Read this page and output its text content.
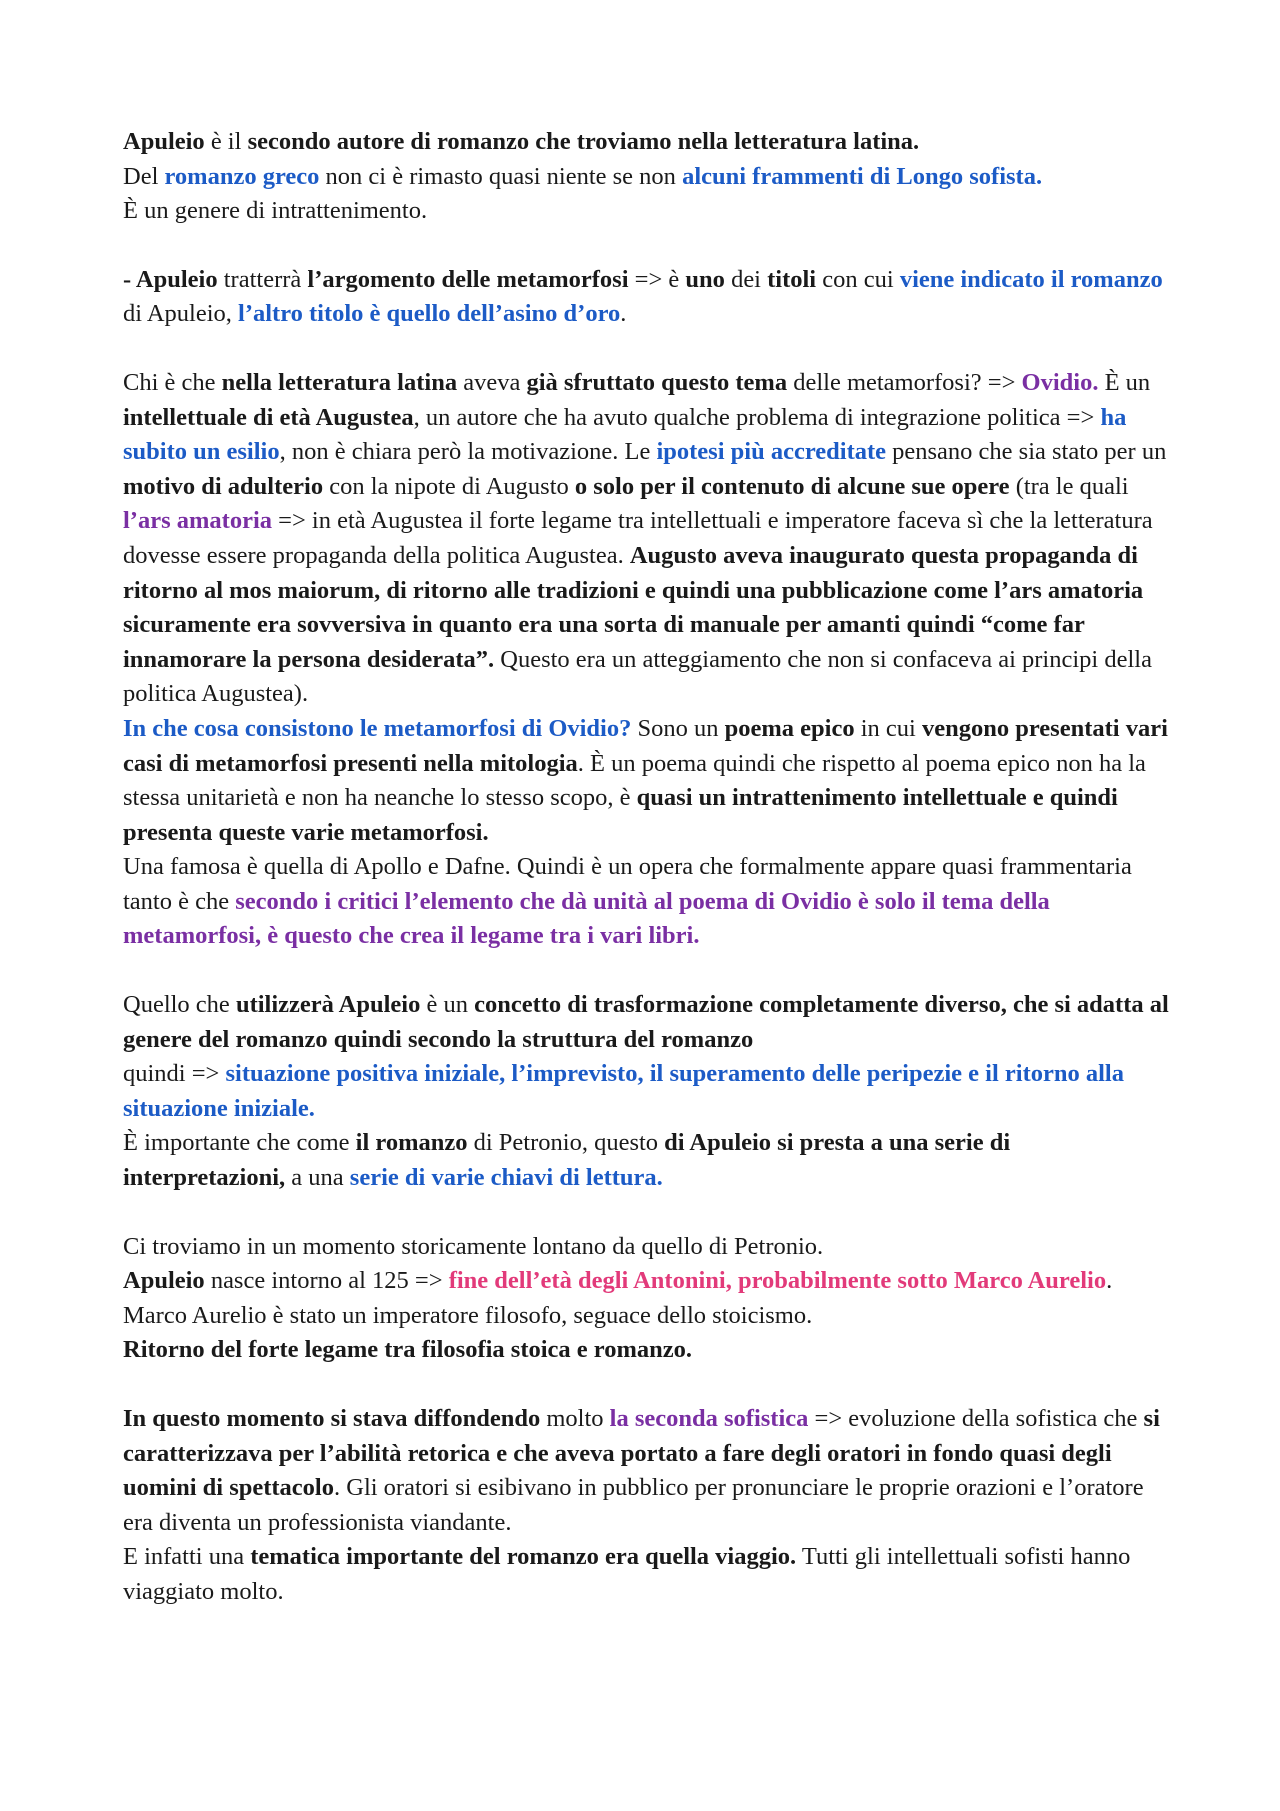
Apuleio è il secondo autore di romanzo che troviamo nella letteratura latina.

Del romanzo greco non ci è rimasto quasi niente se non alcuni frammenti di Longo sofista.

È un genere di intrattenimento.

- Apuleio tratterrà l’argomento delle metamorfosi => è uno dei titoli con cui viene indicato il romanzo di Apuleio, l’altro titolo è quello dell’asino d’oro.

Chi è che nella letteratura latina aveva già sfruttato questo tema delle metamorfosi? => Ovidio. È un intellettuale di età Augustea, un autore che ha avuto qualche problema di integrazione politica => ha subito un esilio, non è chiara però la motivazione. Le ipotesi più accreditate pensano che sia stato per un motivo di adulterio con la nipote di Augusto o solo per il contenuto di alcune sue opere (tra le quali l’ars amatoria => in età Augustea il forte legame tra intellettuali e imperatore faceva sì che la letteratura dovesse essere propaganda della politica Augustea. Augusto aveva inaugurato questa propaganda di ritorno al mos maiorum, di ritorno alle tradizioni e quindi una pubblicazione come l’ars amatoria sicuramente era sovversiva in quanto era una sorta di manuale per amanti quindi “come far innamorare la persona desiderata”. Questo era un atteggiamento che non si confaceva ai principi della politica Augustea).

In che cosa consistono le metamorfosi di Ovidio? Sono un poema epico in cui vengono presentati vari casi di metamorfosi presenti nella mitologia. È un poema quindi che rispetto al poema epico non ha la stessa unitarietà e non ha neanche lo stesso scopo, è quasi un intrattenimento intellettuale e quindi presenta queste varie metamorfosi.

Una famosa è quella di Apollo e Dafne. Quindi è un opera che formalmente appare quasi frammentaria tanto è che secondo i critici l’elemento che dà unità al poema di Ovidio è solo il tema della metamorfosi, è questo che crea il legame tra i vari libri.

Quello che utilizzerà Apuleio è un concetto di trasformazione completamente diverso, che si adatta al genere del romanzo quindi secondo la struttura del romanzo

quindi => situazione positiva iniziale, l’imprevisto, il superamento delle peripezie e il ritorno alla situazione iniziale.

È importante che come il romanzo di Petronio, questo di Apuleio si presta a una serie di interpretazioni, a una serie di varie chiavi di lettura.

Ci troviamo in un momento storicamente lontano da quello di Petronio.

Apuleio nasce intorno al 125 => fine dell’età degli Antonini, probabilmente sotto Marco Aurelio. Marco Aurelio è stato un imperatore filosofo, seguace dello stoicismo.

Ritorno del forte legame tra filosofia stoica e romanzo.

In questo momento si stava diffondendo molto la seconda sofistica => evoluzione della sofistica che si caratterizzava per l’abilità retorica e che aveva portato a fare degli oratori in fondo quasi degli uomini di spettacolo. Gli oratori si esibivano in pubblico per pronunciare le proprie orazioni e l’oratore era diventa un professionista viandante.

E infatti una tematica importante del romanzo era quella viaggio. Tutti gli intellettuali sofisti hanno viaggiato molto.
